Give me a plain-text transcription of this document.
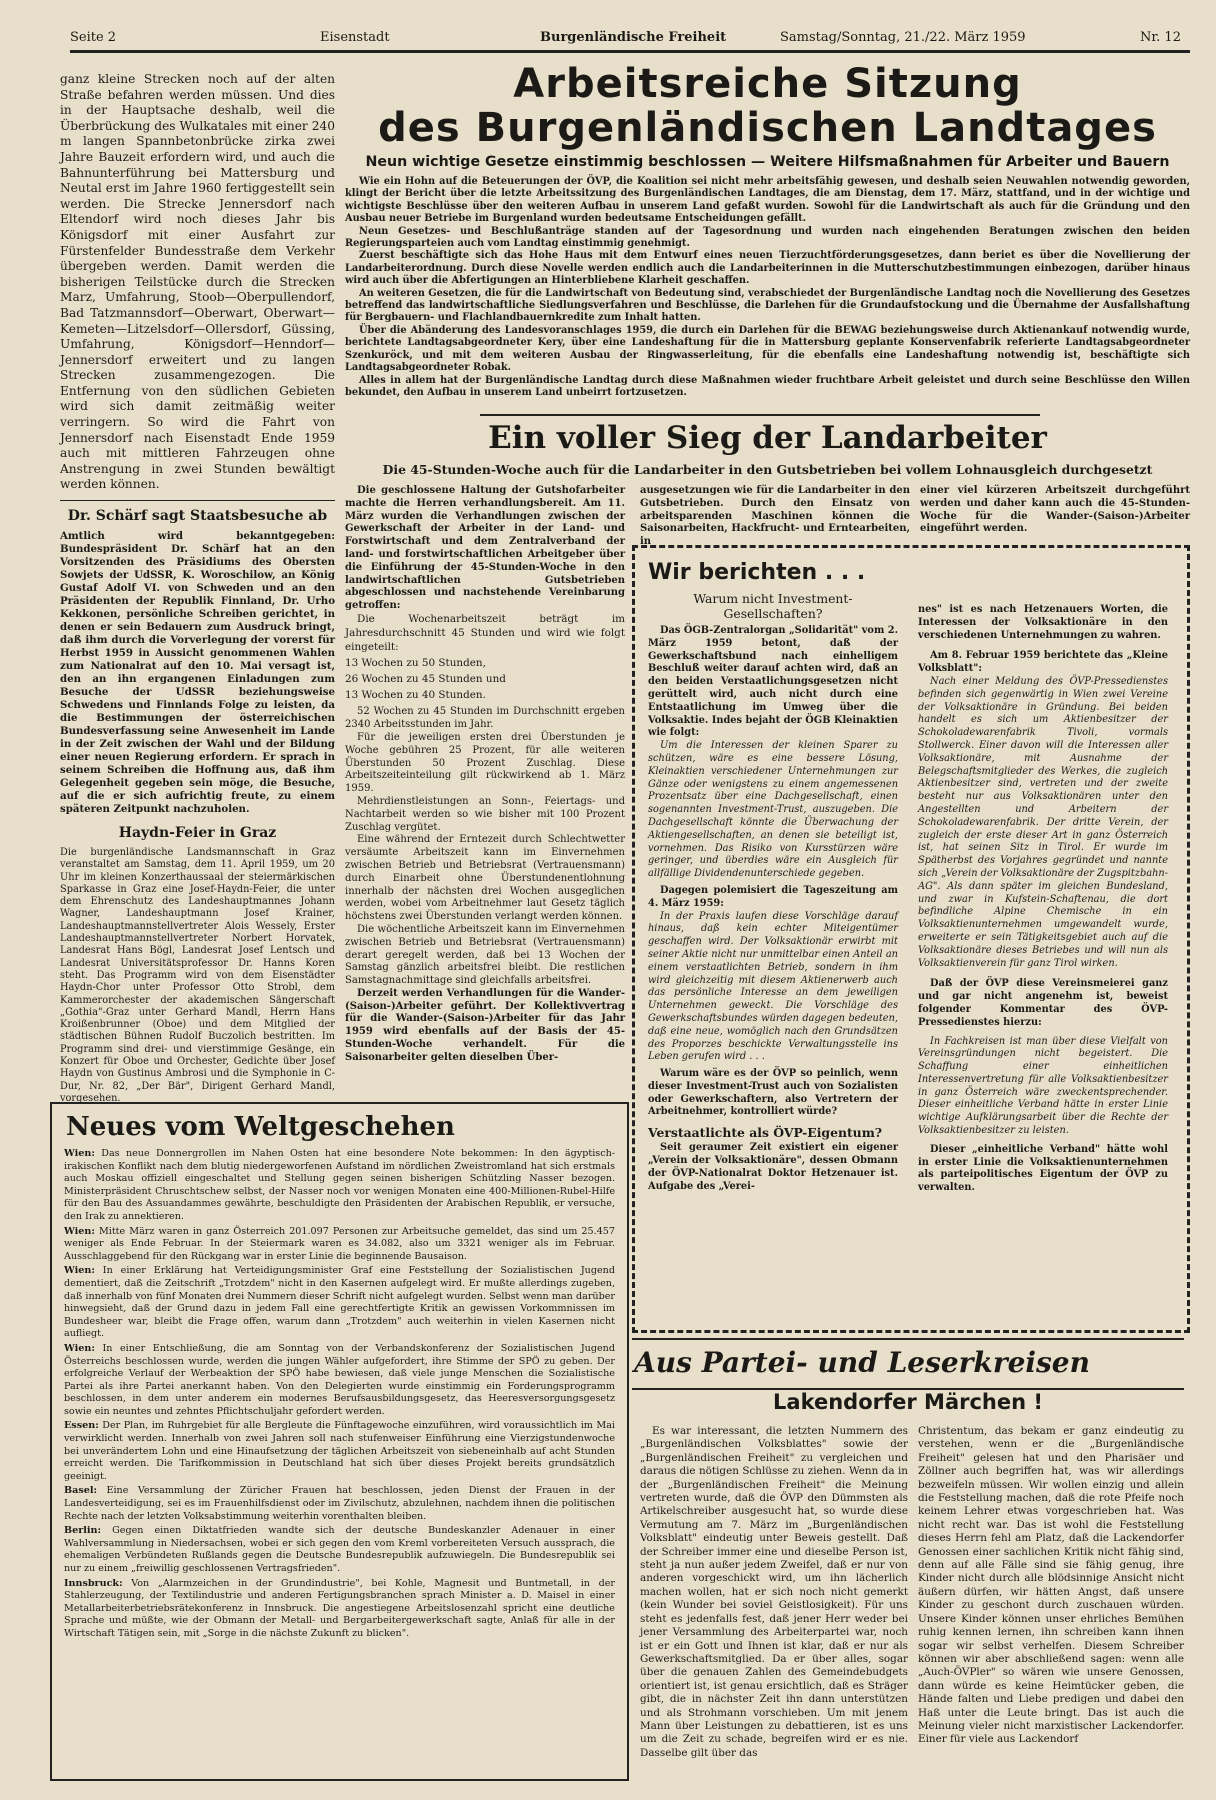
Seite 2	Eisenstadt	Burgenländische Freiheit	Samstag/Sonntag, 21./22. März 1959	Nr. 12

ganz kleine Strecken noch auf der alten Straße befahren werden müssen. Und dies in der Hauptsache deshalb, weil die Überbrückung des Wulkatales mit einer 240 m langen Spannbetonbrücke zirka zwei Jahre Bauzeit erfordern wird, und auch die Bahnunterführung bei Mattersburg und Neutal erst im Jahre 1960 fertiggestellt sein werden. Die Strecke Jennersdorf nach Eltendorf wird noch dieses Jahr bis Königsdorf mit einer Ausfahrt zur Fürstenfelder Bundesstraße dem Verkehr übergeben werden. Damit werden die bisherigen Teilstücke durch die Strecken Marz, Umfahrung, Stoob—Oberpullendorf, Bad Tatzmannsdorf—Oberwart, Oberwart—Kemeten—Litzelsdorf—Ollersdorf, Güssing, Umfahrung, Königsdorf—Henndorf—Jennersdorf erweitert und zu langen Strecken zusammengezogen. Die Entfernung von den südlichen Gebieten wird sich damit zeitmäßig weiter verringern. So wird die Fahrt von Jennersdorf nach Eisenstadt Ende 1959 auch mit mittleren Fahrzeugen ohne Anstrengung in zwei Stunden bewältigt werden können.

Dr. Schärf sagt Staatsbesuche ab

Amtlich wird bekanntgegeben: Bundespräsident Dr. Schärf hat an den Vorsitzenden des Präsidiums des Obersten Sowjets der UdSSR, K. Woroschilow, an König Gustaf Adolf VI. von Schweden und an den Präsidenten der Republik Finnland, Dr. Urho Kekkonen, persönliche Schreiben gerichtet, in denen er sein Bedauern zum Ausdruck bringt, daß ihm durch die Vorverlegung der vorerst für Herbst 1959 in Aussicht genommenen Wahlen zum Nationalrat auf den 10. Mai versagt ist, den an ihn ergangenen Einladungen zum Besuche der UdSSR beziehungsweise Schwedens und Finnlands Folge zu leisten, da die Bestimmungen der österreichischen Bundesverfassung seine Anwesenheit im Lande in der Zeit zwischen der Wahl und der Bildung einer neuen Regierung erfordern. Er sprach in seinem Schreiben die Hoffnung aus, daß ihm Gelegenheit gegeben sein möge, die Besuche, auf die er sich aufrichtig freute, zu einem späteren Zeitpunkt nachzuholen.

Haydn-Feier in Graz

Die burgenländische Landsmannschaft in Graz veranstaltet am Samstag, dem 11. April 1959, um 20 Uhr im kleinen Konzerthaussaal der steiermärkischen Sparkasse in Graz eine Josef-Haydn-Feier, die unter dem Ehrenschutz des Landeshauptmannes Johann Wagner, Landeshauptmann Josef Krainer, Landeshauptmannstellvertreter Alois Wessely, Erster Landeshauptmannstellvertreter Norbert Horvatek, Landesrat Hans Bögl, Landesrat Josef Lentsch und Landesrat Universitätsprofessor Dr. Hanns Koren steht. Das Programm wird von dem Eisenstädter Haydn-Chor unter Professor Otto Strobl, dem Kammerorchester der akademischen Sängerschaft „Gothia"-Graz unter Gerhard Mandl, Herrn Hans Kroißenbrunner (Oboe) und dem Mitglied der städtischen Bühnen Rudolf Buczolich bestritten. Im Programm sind drei- und vierstimmige Gesänge, ein Konzert für Oboe und Orchester, Gedichte über Josef Haydn von Gustinus Ambrosi und die Symphonie in C-Dur, Nr. 82, „Der Bär", Dirigent Gerhard Mandl, vorgesehen.

Arbeitsreiche Sitzung
des Burgenländischen Landtages
Neun wichtige Gesetze einstimmig beschlossen — Weitere Hilfsmaßnahmen für Arbeiter und Bauern

Wie ein Hohn auf die Beteuerungen der ÖVP, die Koalition sei nicht mehr arbeitsfähig gewesen, und deshalb seien Neuwahlen notwendig geworden, klingt der Bericht über die letzte Arbeitssitzung des Burgenländischen Landtages, die am Dienstag, dem 17. März, stattfand, und in der wichtige und wichtigste Beschlüsse über den weiteren Aufbau in unserem Land gefaßt wurden. Sowohl für die Landwirtschaft als auch für die Gründung und den Ausbau neuer Betriebe im Burgenland wurden bedeutsame Entscheidungen gefällt.

Neun Gesetzes- und Beschlußanträge standen auf der Tagesordnung und wurden nach eingehenden Beratungen zwischen den beiden Regierungsparteien auch vom Landtag einstimmig genehmigt.

Zuerst beschäftigte sich das Hohe Haus mit dem Entwurf eines neuen Tierzuchtförderungsgesetzes, dann beriet es über die Novellierung der Landarbeiterordnung. Durch diese Novelle werden endlich auch die Landarbeiterinnen in die Mutterschutzbestimmungen einbezogen, darüber hinaus wird auch über die Abfertigungen an Hinterbliebene Klarheit geschaffen.

An weiteren Gesetzen, die für die Landwirtschaft von Bedeutung sind, verabschiedet der Burgenländische Landtag noch die Novellierung des Gesetzes betreffend das landwirtschaftliche Siedlungsverfahren und Beschlüsse, die Darlehen für die Grundaufstockung und die Übernahme der Ausfallshaftung für Bergbauern- und Flachlandbauernkredite zum Inhalt hatten.

Über die Abänderung des Landesvoranschlages 1959, die durch ein Darlehen für die BEWAG beziehungsweise durch Aktienankauf notwendig wurde, berichtete Landtagsabgeordneter Kery, über eine Landeshaftung für die in Mattersburg geplante Konservenfabrik referierte Landtagsabgeordneter Szenkuröck, und mit dem weiteren Ausbau der Ringwasserleitung, für die ebenfalls eine Landeshaftung notwendig ist, beschäftigte sich Landtagsabgeordneter Robak.

Alles in allem hat der Burgenländische Landtag durch diese Maßnahmen wieder fruchtbare Arbeit geleistet und durch seine Beschlüsse den Willen bekundet, den Aufbau in unserem Land unbeirrt fortzusetzen.

Ein voller Sieg der Landarbeiter
Die 45-Stunden-Woche auch für die Landarbeiter in den Gutsbetrieben bei vollem Lohnausgleich durchgesetzt

Die geschlossene Haltung der Gutshofarbeiter machte die Herren verhandlungsbereit. Am 11. März wurden die Verhandlungen zwischen der Gewerkschaft der Arbeiter in der Land- und Forstwirtschaft und dem Zentralverband der land- und forstwirtschaftlichen Arbeitgeber über die Einführung der 45-Stunden-Woche in den landwirtschaftlichen Gutsbetrieben abgeschlossen und nachstehende Vereinbarung getroffen:

Die Wochenarbeitszeit beträgt im Jahresdurchschnitt 45 Stunden und wird wie folgt eingeteilt:

13 Wochen zu 50 Stunden,

26 Wochen zu 45 Stunden und

13 Wochen zu 40 Stunden.

52 Wochen zu 45 Stunden im Durchschnitt ergeben 2340 Arbeitsstunden im Jahr.

Für die jeweiligen ersten drei Überstunden je Woche gebühren 25 Prozent, für alle weiteren Überstunden 50 Prozent Zuschlag. Diese Arbeitszeiteinteilung gilt rückwirkend ab 1. März 1959.

Mehrdienstleistungen an Sonn-, Feiertags- und Nachtarbeit werden so wie bisher mit 100 Prozent Zuschlag vergütet.

Eine während der Erntezeit durch Schlechtwetter versäumte Arbeitszeit kann im Einvernehmen zwischen Betrieb und Betriebsrat (Vertrauensmann) durch Einarbeit ohne Überstundenentlohnung innerhalb der nächsten drei Wochen ausgeglichen werden, wobei vom Arbeitnehmer laut Gesetz täglich höchstens zwei Überstunden verlangt werden können.

Die wöchentliche Arbeitszeit kann im Einvernehmen zwischen Betrieb und Betriebsrat (Vertrauensmann) derart geregelt werden, daß bei 13 Wochen der Samstag gänzlich arbeitsfrei bleibt. Die restlichen Samstagnachmittage sind gleichfalls arbeitsfrei.

Derzeit werden Verhandlungen für die Wander-(Saison-)Arbeiter geführt. Der Kollektivvertrag für die Wander-(Saison-)Arbeiter für das Jahr 1959 wird ebenfalls auf der Basis der 45-Stunden-Woche verhandelt. Für die Saisonarbeiter gelten dieselben Über-

ausgesetzungen wie für die Landarbeiter in den Gutsbetrieben. Durch den Einsatz von arbeitsparenden Maschinen können die Saisonarbeiten, Hackfrucht- und Erntearbeiten, in

einer viel kürzeren Arbeitszeit durchgeführt werden und daher kann auch die 45-Stunden-Woche für die Wander-(Saison-)Arbeiter eingeführt werden.

Wir berichten . . .
Warum nicht Investment-Gesellschaften?

Das ÖGB-Zentralorgan „Solidarität" vom 2. März 1959 betont, daß der Gewerkschaftsbund nach einhelligem Beschluß weiter darauf achten wird, daß an den beiden Verstaatlichungsgesetzen nicht gerüttelt wird, auch nicht durch eine Entstaatlichung im Umweg über die Volksaktie. Indes bejaht der ÖGB Kleinaktien wie folgt:

Um die Interessen der kleinen Sparer zu schützen, wäre es eine bessere Lösung, Kleinaktien verschiedener Unternehmungen zur Gänze oder wenigstens zu einem angemessenen Prozentsatz über eine Dachgesellschaft, einen sogenannten Investment-Trust, auszugeben. Die Dachgesellschaft könnte die Überwachung der Aktiengesellschaften, an denen sie beteiligt ist, vornehmen. Das Risiko von Kursstürzen wäre geringer, und überdies wäre ein Ausgleich für allfällige Dividendenunterschiede gegeben.

Dagegen polemisiert die Tageszeitung am 4. März 1959:

In der Praxis laufen diese Vorschläge darauf hinaus, daß kein echter Miteigentümer geschaffen wird. Der Volksaktionär erwirbt mit seiner Aktie nicht nur unmittelbar einen Anteil an einem verstaatlichten Betrieb, sondern in ihm wird gleichzeitig mit diesem Aktienerwerb auch das persönliche Interesse an dem jeweiligen Unternehmen geweckt. Die Vorschläge des Gewerkschaftsbundes würden dagegen bedeuten, daß eine neue, womöglich nach den Grundsätzen des Proporzes beschickte Verwaltungsstelle ins Leben gerufen wird . . .

Warum wäre es der ÖVP so peinlich, wenn dieser Investment-Trust auch von Sozialisten oder Gewerkschaftern, also Vertretern der Arbeitnehmer, kontrolliert würde?

Verstaatlichte als ÖVP-Eigentum?

Seit geraumer Zeit existiert ein eigener „Verein der Volksaktionäre", dessen Obmann der ÖVP-Nationalrat Doktor Hetzenauer ist. Aufgabe des „Verei-

nes" ist es nach Hetzenauers Worten, die Interessen der Volksaktionäre in den verschiedenen Unternehmungen zu wahren.

Am 8. Februar 1959 berichtete das „Kleine Volksblatt":

Nach einer Meldung des ÖVP-Pressedienstes befinden sich gegenwärtig in Wien zwei Vereine der Volksaktionäre in Gründung. Bei beiden handelt es sich um Aktienbesitzer der Schokoladewarenfabrik Tivoli, vormals Stollwerck. Einer davon will die Interessen aller Volksaktionäre, mit Ausnahme der Belegschaftsmitglieder des Werkes, die zugleich Aktienbesitzer sind, vertreten und der zweite besteht nur aus Volksaktionären unter den Angestellten und Arbeitern der Schokoladewarenfabrik. Der dritte Verein, der zugleich der erste dieser Art in ganz Österreich ist, hat seinen Sitz in Tirol. Er wurde im Spätherbst des Vorjahres gegründet und nannte sich „Verein der Volksaktionäre der Zugspitzbahn-AG". Als dann später im gleichen Bundesland, und zwar in Kufstein-Schaftenau, die dort befindliche Alpine Chemische in ein Volksaktienunternehmen umgewandelt wurde, erweiterte er sein Tätigkeitsgebiet auch auf die Volksaktionäre dieses Betriebes und will nun als Volksaktienverein für ganz Tirol wirken.

Daß der ÖVP diese Vereinsmeierei ganz und gar nicht angenehm ist, beweist folgender Kommentar des ÖVP-Pressedienstes hierzu:

In Fachkreisen ist man über diese Vielfalt von Vereinsgründungen nicht begeistert. Die Schaffung einer einheitlichen Interessenvertretung für alle Volksaktienbesitzer in ganz Österreich wäre zweckentsprechender. Dieser einheitliche Verband hätte in erster Linie wichtige Aufklärungsarbeit über die Rechte der Volksaktienbesitzer zu leisten.

Dieser „einheitliche Verband" hätte wohl in erster Linie die Volksaktienunternehmen als parteipolitisches Eigentum der ÖVP zu verwalten.

Neues vom Weltgeschehen

Wien: Das neue Donnergrollen im Nahen Osten hat eine besondere Note bekommen: In den ägyptisch-irakischen Konflikt nach dem blutig niedergeworfenen Aufstand im nördlichen Zweistromland hat sich erstmals auch Moskau offiziell eingeschaltet und Stellung gegen seinen bisherigen Schützling Nasser bezogen. Ministerpräsident Chruschtschew selbst, der Nasser noch vor wenigen Monaten eine 400-Millionen-Rubel-Hilfe für den Bau des Assuandammes gewährte, beschuldigte den Präsidenten der Arabischen Republik, er versuche, den Irak zu annektieren.

Wien: Mitte März waren in ganz Österreich 201.097 Personen zur Arbeitsuche gemeldet, das sind um 25.457 weniger als Ende Februar. In der Steiermark waren es 34.082, also um 3321 weniger als im Februar. Ausschlaggebend für den Rückgang war in erster Linie die beginnende Bausaison.

Wien: In einer Erklärung hat Verteidigungsminister Graf eine Feststellung der Sozialistischen Jugend dementiert, daß die Zeitschrift „Trotzdem" nicht in den Kasernen aufgelegt wird. Er mußte allerdings zugeben, daß innerhalb von fünf Monaten drei Nummern dieser Schrift nicht aufgelegt wurden. Selbst wenn man darüber hinwegsieht, daß der Grund dazu in jedem Fall eine gerechtfertigte Kritik an gewissen Vorkommnissen im Bundesheer war, bleibt die Frage offen, warum dann „Trotzdem" auch weiterhin in vielen Kasernen nicht aufliegt.

Wien: In einer Entschließung, die am Sonntag von der Verbandskonferenz der Sozialistischen Jugend Österreichs beschlossen wurde, werden die jungen Wähler aufgefordert, ihre Stimme der SPÖ zu geben. Der erfolgreiche Verlauf der Werbeaktion der SPÖ habe bewiesen, daß viele junge Menschen die Sozialistische Partei als ihre Partei anerkannt haben. Von den Delegierten wurde einstimmig ein Forderungsprogramm beschlossen, in dem unter anderem ein modernes Berufsausbildungsgesetz, das Heeresversorgungsgesetz sowie ein neuntes und zehntes Pflichtschuljahr gefordert werden.

Essen: Der Plan, im Ruhrgebiet für alle Bergleute die Fünftagewoche einzuführen, wird voraussichtlich im Mai verwirklicht werden. Innerhalb von zwei Jahren soll nach stufenweiser Einführung eine Vierzigstundenwoche bei unverändertem Lohn und eine Hinaufsetzung der täglichen Arbeitszeit von siebeneinhalb auf acht Stunden erreicht werden. Die Tarifkommission in Deutschland hat sich über dieses Projekt bereits grundsätzlich geeinigt.

Basel: Eine Versammlung der Züricher Frauen hat beschlossen, jeden Dienst der Frauen in der Landesverteidigung, sei es im Frauenhilfsdienst oder im Zivilschutz, abzulehnen, nachdem ihnen die politischen Rechte nach der letzten Volksabstimmung weiterhin vorenthalten bleiben.

Berlin: Gegen einen Diktatfrieden wandte sich der deutsche Bundeskanzler Adenauer in einer Wahlversammlung in Niedersachsen, wobei er sich gegen den vom Kreml vorbereiteten Versuch aussprach, die ehemaligen Verbündeten Rußlands gegen die Deutsche Bundesrepublik aufzuwiegeln. Die Bundesrepublik sei nur zu einem „freiwillig geschlossenen Vertragsfrieden".

Innsbruck: Von „Alarmzeichen in der Grundindustrie", bei Kohle, Magnesit und Buntmetall, in der Stahlerzeugung, der Textilindustrie und anderen Fertigungsbranchen sprach Minister a. D. Maisel in einer Metallarbeiterbetriebsrätekonferenz in Innsbruck. Die angestiegene Arbeitslosenzahl spricht eine deutliche Sprache und müßte, wie der Obmann der Metall- und Bergarbeitergewerkschaft sagte, Anlaß für alle in der Wirtschaft Tätigen sein, mit „Sorge in die nächste Zukunft zu blicken".

Aus Partei- und Leserkreisen
Lakendorfer Märchen !

Es war interessant, die letzten Nummern des „Burgenländischen Volksblattes" sowie der „Burgenländischen Freiheit" zu vergleichen und daraus die nötigen Schlüsse zu ziehen. Wenn da in der „Burgenländischen Freiheit" die Meinung vertreten wurde, daß die ÖVP den Dümmsten als Artikelschreiber ausgesucht hat, so wurde diese Vermutung am 7. März im „Burgenländischen Volksblatt" eindeutig unter Beweis gestellt. Daß der Schreiber immer eine und dieselbe Person ist, steht ja nun außer jedem Zweifel, daß er nur von anderen vorgeschickt wird, um ihn lächerlich machen wollen, hat er sich noch nicht gemerkt (kein Wunder bei soviel Geistlosigkeit). Für uns steht es jedenfalls fest, daß jener Herr weder bei jener Versammlung des Arbeiterpartei war, noch ist er ein Gott und Ihnen ist klar, daß er nur als Gewerkschaftsmitglied. Da er über alles, sogar über die genauen Zahlen des Gemeindebudgets orientiert ist, ist genau ersichtlich, daß es Sträger gibt, die in nächster Zeit ihn dann unterstützen und als Strohmann vorschieben. Um mit jenem Mann über Leistungen zu debattieren, ist es uns um die Zeit zu schade, begreifen wird er es nie. Dasselbe gilt über das

Christentum, das bekam er ganz eindeutig zu verstehen, wenn er die „Burgenländische Freiheit" gelesen hat und den Pharisäer und Zöllner auch begriffen hat, was wir allerdings bezweifeln müssen. Wir wollen einzig und allein die Feststellung machen, daß die rote Pfeife noch keinem Lehrer etwas vorgeschrieben hat. Was nicht recht war. Das ist wohl die Feststellung dieses Herrn fehl am Platz, daß die Lackendorfer Genossen einer sachlichen Kritik nicht fähig sind, denn auf alle Fälle sind sie fähig genug, ihre Kinder nicht durch alle blödsinnige Ansicht nicht äußern dürfen, wir hätten Angst, daß unsere Kinder zu geschont durch zuschauen würden. Unsere Kinder können unser ehrliches Bemühen ruhig kennen lernen, ihn schreiben kann ihnen sogar wir selbst verhelfen. Diesem Schreiber können wir aber abschließend sagen: wenn alle „Auch-ÖVPler" so wären wie unsere Genossen, dann würde es keine Heimtücker geben, die Hände falten und Liebe predigen und dabei den Haß unter die Leute bringt. Das ist auch die Meinung vieler nicht marxistischer Lackendorfer. Einer für viele aus Lackendorf
